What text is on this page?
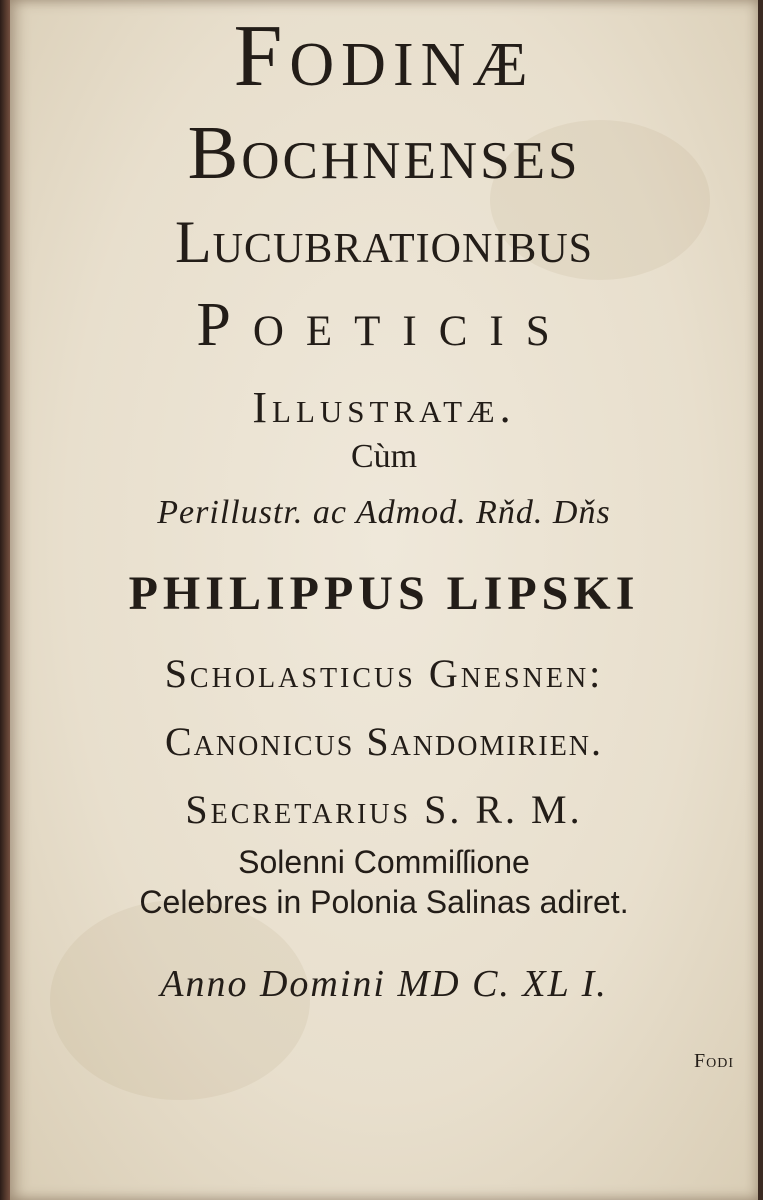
Fodinæ
Bochnenses
Lucubrationibus
Poeticis
Illustratæ.
Cùm
Perillustr. ac Admod. Rňd. Dňs
PHILIPPUS LIPSKI
Scholasticus Gnesnen:
Canonicus Sandomirien.
Secretarius S. R. M.
Solenni Commiſſione
Celebres in Polonia Salinas adiret.
Anno Domini MD C. XL I.
Fodi
